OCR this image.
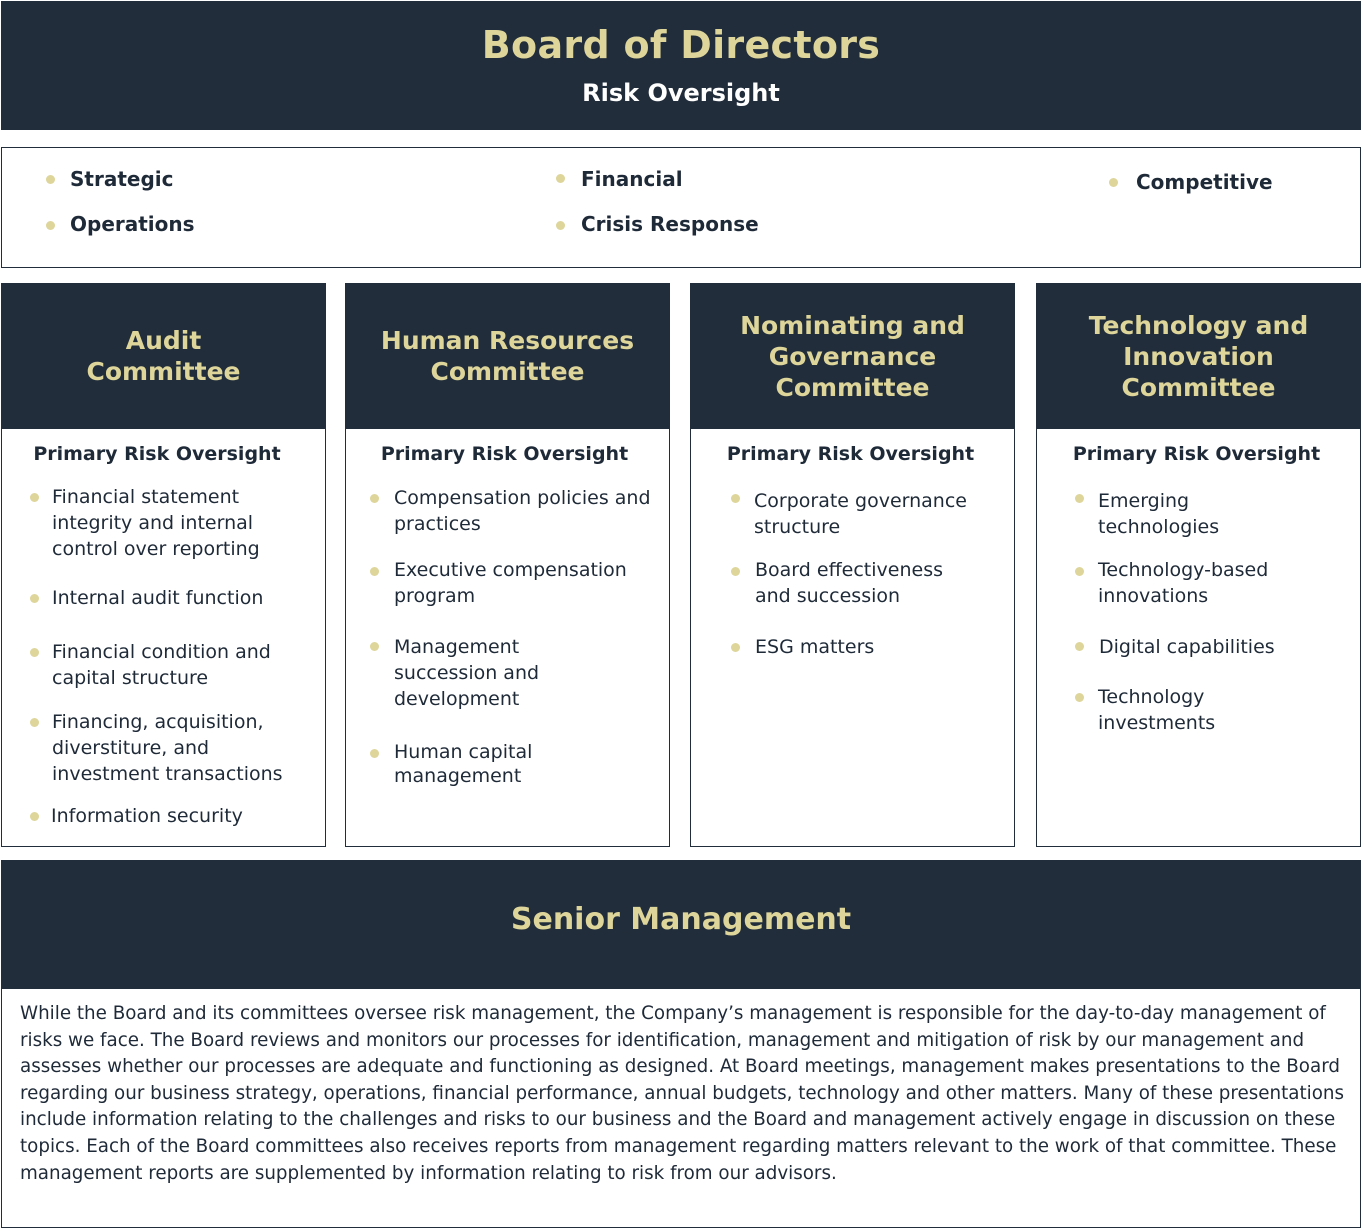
Board of Directors
Risk Oversight
Strategic
Operations
Financial
Crisis Response
Competitive
Audit Committee
Primary Risk Oversight
Financial statement integrity and internal control over reporting
Internal audit function
Financial condition and capital structure
Financing, acquisition, diverstiture, and investment transactions
Information security
Human Resources Committee
Primary Risk Oversight
Compensation policies and practices
Executive compensation program
Management succession and development
Human capital management
Nominating and Governance Committee
Primary Risk Oversight
Corporate governance structure
Board effectiveness and succession
ESG matters
Technology and Innovation Committee
Primary Risk Oversight
Emerging technologies
Technology-based innovations
Digital capabilities
Technology investments
Senior Management
While the Board and its committees oversee risk management, the Company’s management is responsible for the day-to-day management of risks we face. The Board reviews and monitors our processes for identification, management and mitigation of risk by our management and assesses whether our processes are adequate and functioning as designed. At Board meetings, management makes presentations to the Board regarding our business strategy, operations, financial performance, annual budgets, technology and other matters. Many of these presentations include information relating to the challenges and risks to our business and the Board and management actively engage in discussion on these topics. Each of the Board committees also receives reports from management regarding matters relevant to the work of that committee. These management reports are supplemented by information relating to risk from our advisors.
